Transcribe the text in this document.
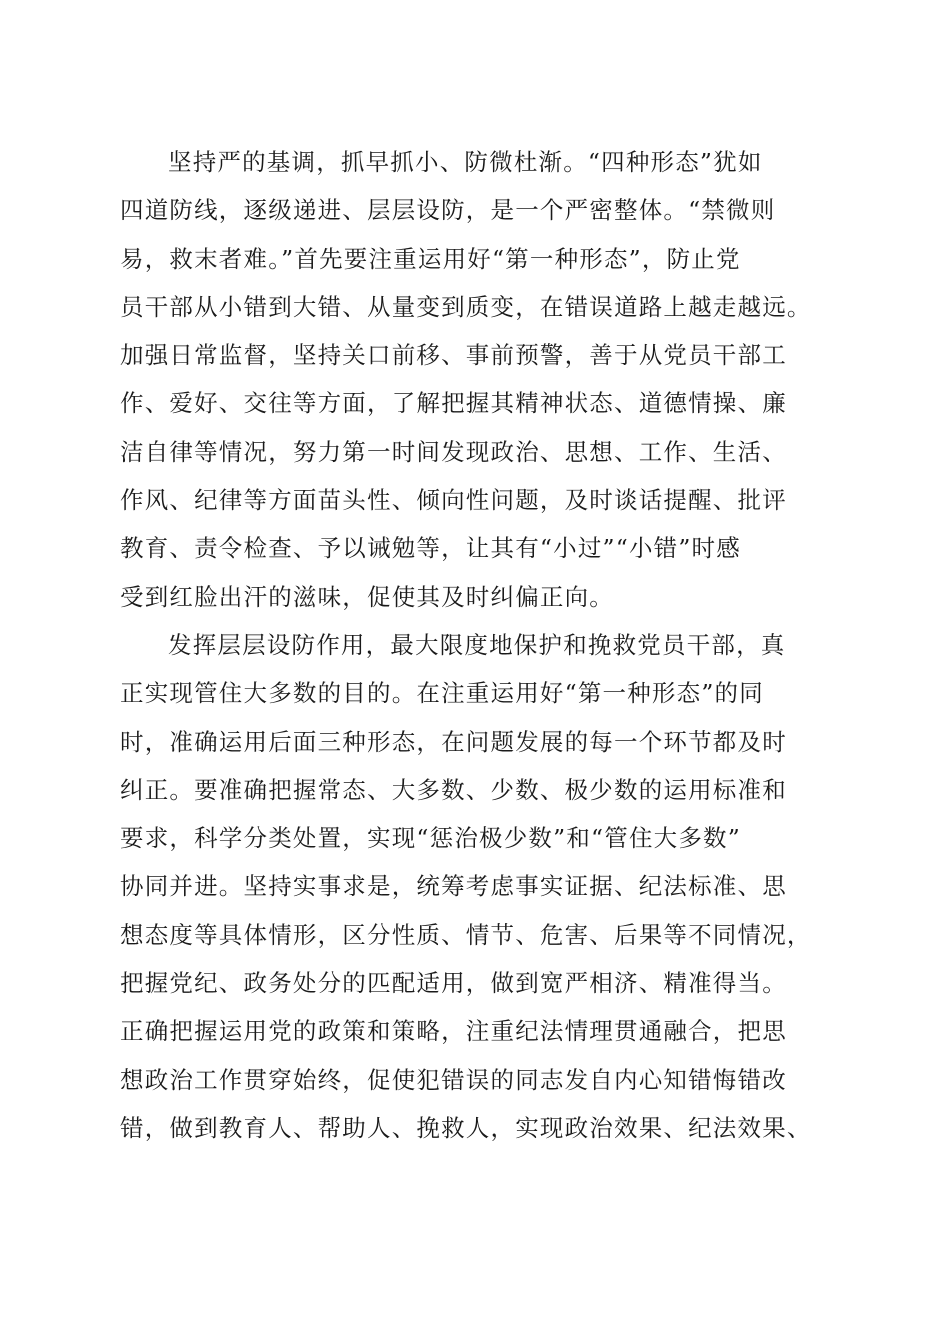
坚持严的基调，抓早抓小、防微杜渐。“四种形态”犹如
四道防线，逐级递进、层层设防，是一个严密整体。“禁微则
易，救末者难。”首先要注重运用好“第一种形态”，防止党
员干部从小错到大错、从量变到质变，在错误道路上越走越远。
加强日常监督，坚持关口前移、事前预警，善于从党员干部工
作、爱好、交往等方面，了解把握其精神状态、道德情操、廉
洁自律等情况，努力第一时间发现政治、思想、工作、生活、
作风、纪律等方面苗头性、倾向性问题，及时谈话提醒、批评
教育、责令检查、予以诫勉等，让其有“小过”“小错”时感
受到红脸出汗的滋味，促使其及时纠偏正向。
发挥层层设防作用，最大限度地保护和挽救党员干部，真
正实现管住大多数的目的。在注重运用好“第一种形态”的同
时，准确运用后面三种形态，在问题发展的每一个环节都及时
纠正。要准确把握常态、大多数、少数、极少数的运用标准和
要求，科学分类处置，实现“惩治极少数”和“管住大多数”
协同并进。坚持实事求是，统筹考虑事实证据、纪法标准、思
想态度等具体情形，区分性质、情节、危害、后果等不同情况，
把握党纪、政务处分的匹配适用，做到宽严相济、精准得当。
正确把握运用党的政策和策略，注重纪法情理贯通融合，把思
想政治工作贯穿始终，促使犯错误的同志发自内心知错悔错改
错，做到教育人、帮助人、挽救人，实现政治效果、纪法效果、
